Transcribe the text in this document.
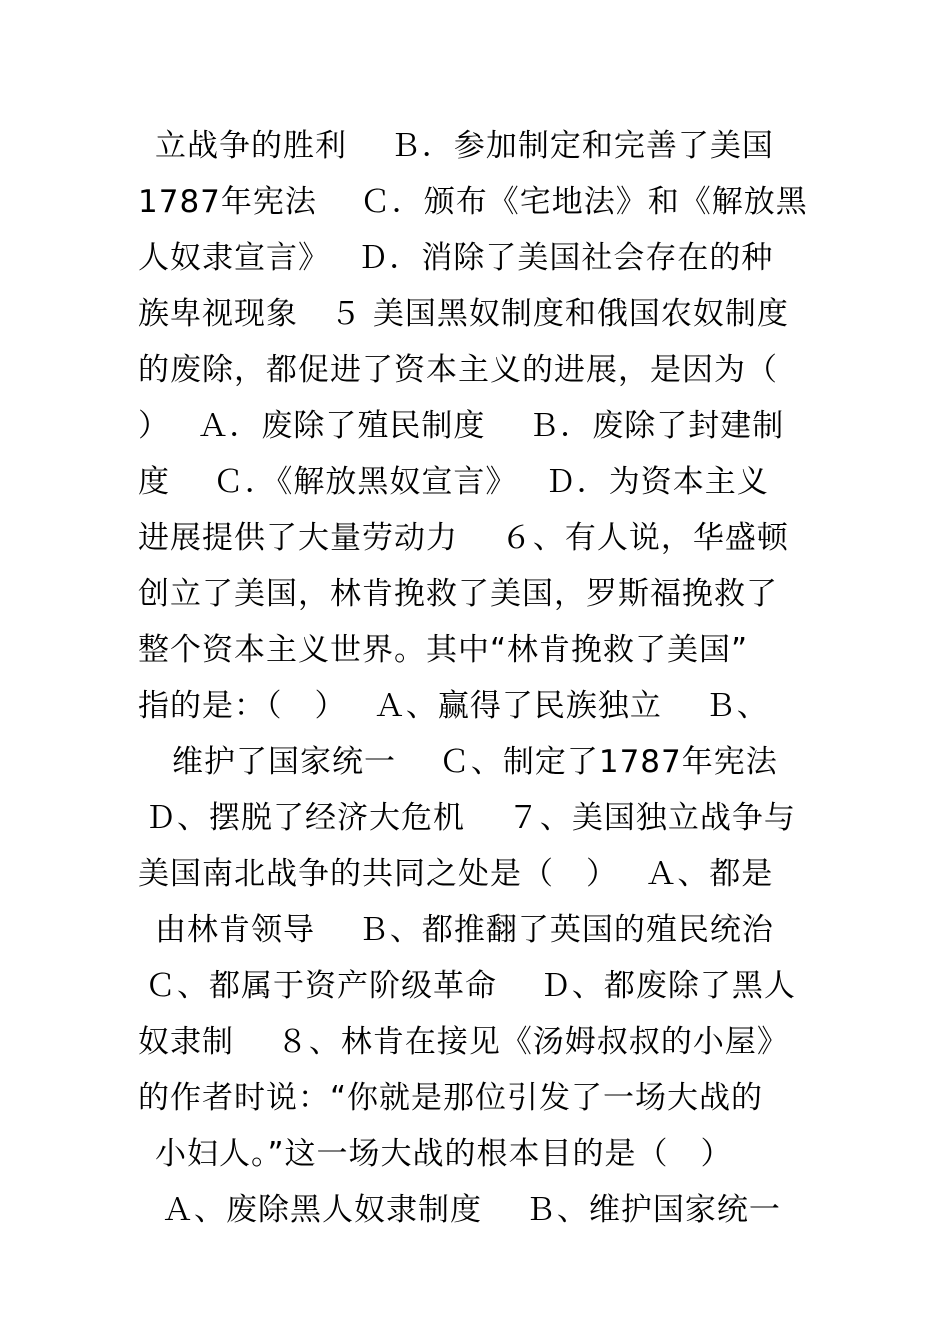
立战争的胜利　 Ｂ．参加制定和完善了美国
1787年宪法　 Ｃ．颁布《宅地法》和《解放黑
人奴隶宣言》　 Ｄ．消除了美国社会存在的种
族卑视现象　５ 美国黑奴制度和俄国农奴制度
的废除，都促进了资本主义的进展，是因为（
）　 Ａ．废除了殖民制度　 Ｂ．废除了封建制
度　 Ｃ．《解放黑奴宣言》　 Ｄ．为资本主义
进展提供了大量劳动力　 ６、有人说，华盛顿
创立了美国，林肯挽救了美国，罗斯福挽救了
整个资本主义世界。其中“林肯挽救了美国”
指的是：（　）　 Ａ、赢得了民族独立　 Ｂ、
维护了国家统一　 Ｃ、制定了1787年宪法
Ｄ、摆脱了经济大危机　 ７、美国独立战争与
美国南北战争的共同之处是（　）　 Ａ、都是
由林肯领导　 Ｂ、都推翻了英国的殖民统治
Ｃ、都属于资产阶级革命　 Ｄ、都废除了黑人
奴隶制　 ８、林肯在接见《汤姆叔叔的小屋》
的作者时说：“你就是那位引发了一场大战的
小妇人。”这一场大战的根本目的是（　）
Ａ、废除黑人奴隶制度　 Ｂ、维护国家统一
